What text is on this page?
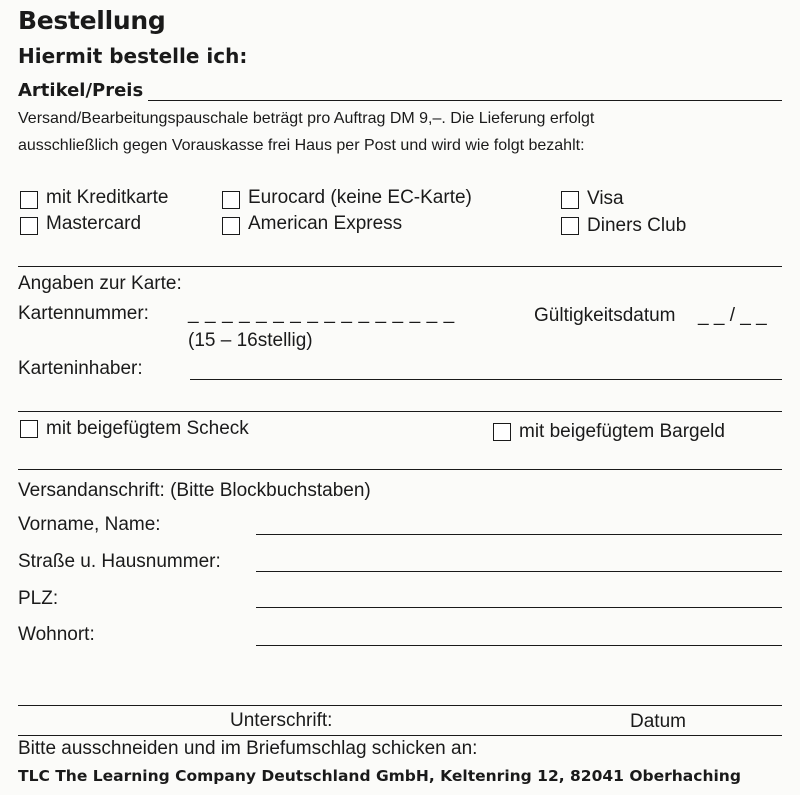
Bestellung
Hiermit bestelle ich:
Artikel/Preis
Versand/Bearbeitungspauschale beträgt pro Auftrag DM 9,–. Die Lieferung erfolgt
ausschließlich gegen Vorauskasse frei Haus per Post und wird wie folgt bezahlt:
mit Kreditkarte	Eurocard (keine EC-Karte)	Visa
Mastercard	American Express	Diners Club
Angaben zur Karte:
Kartennummer: _ _ _ _ _ _ _ _ _ _ _ _ _ _ _ _
(15 – 16stellig)
Gültigkeitsdatum _ _ / _ _
Karteninhaber:
mit beigefügtem Scheck	mit beigefügtem Bargeld
Versandanschrift: (Bitte Blockbuchstaben)
Vorname, Name:
Straße u. Hausnummer:
PLZ:
Wohnort:
Unterschrift:	Datum
Bitte ausschneiden und im Briefumschlag schicken an:
TLC The Learning Company Deutschland GmbH, Keltenring 12, 82041 Oberhaching
